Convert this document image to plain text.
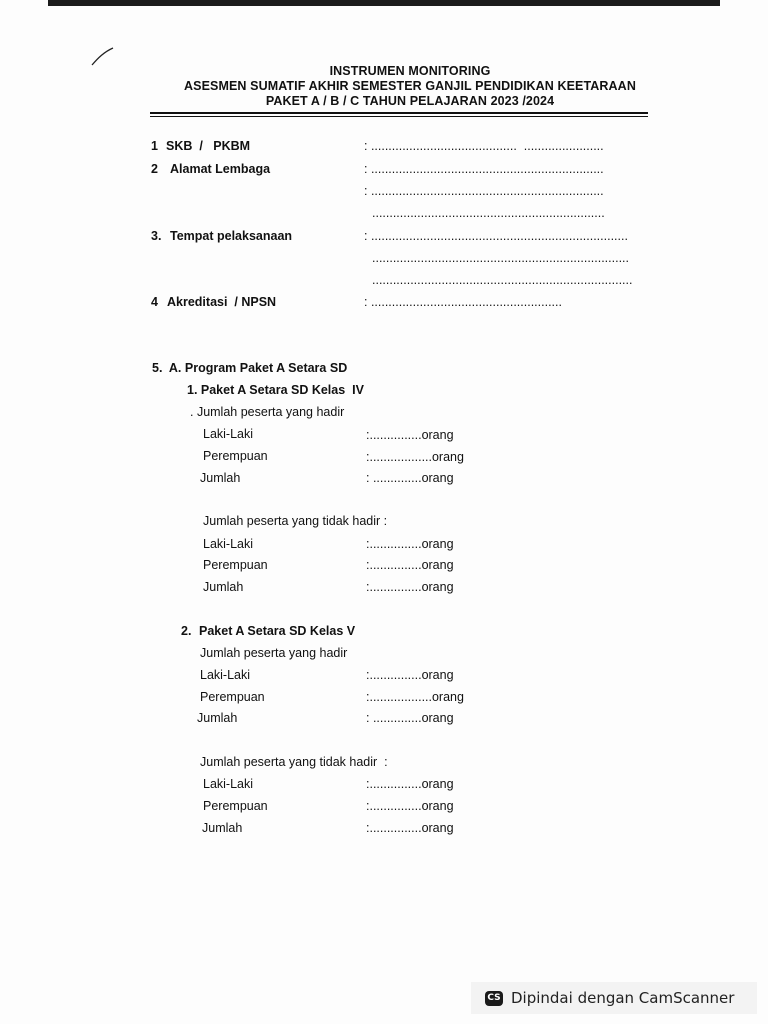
INSTRUMEN MONITORING
ASESMEN SUMATIF AKHIR SEMESTER GANJIL PENDIDIKAN KEETARAAN
PAKET A / B / C TAHUN PELAJARAN 2023 /2024
1 SKB  /   PKBM	: ..........................................  .......................
2 Alamat Lembaga	: ...................................................................
: ...................................................................
...................................................................
3. Tempat pelaksanaan	: ..........................................................................
..........................................................................
...........................................................................
4 Akreditasi  / NPSN	: .......................................................
5.  A. Program Paket A Setara SD
1. Paket A Setara SD Kelas  IV
. Jumlah peserta yang hadir
Laki-Laki	:...............orang
Perempuan	:..................orang
Jumlah	: ..............orang
Jumlah peserta yang tidak hadir :
Laki-Laki	:...............orang
Perempuan	:...............orang
Jumlah	:...............orang
2. Paket A Setara SD Kelas V
Jumlah peserta yang hadir
Laki-Laki	:...............orang
Perempuan	:..................orang
Jumlah	: ..............orang
Jumlah peserta yang tidak hadir  :
Laki-Laki	:...............orang
Perempuan	:...............orang
Jumlah	:...............orang
CS Dipindai dengan CamScanner
